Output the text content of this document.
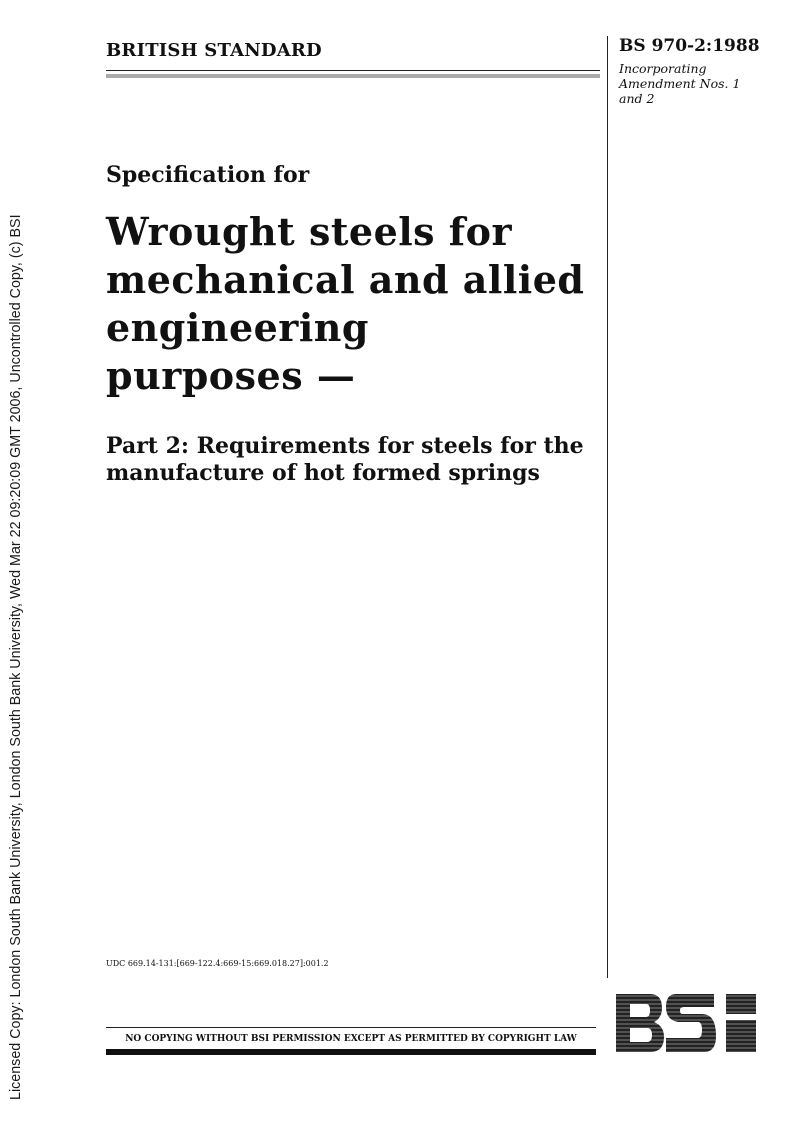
Licensed Copy: London South Bank University, London South Bank University, Wed Mar 22 09:20:09 GMT 2006, Uncontrolled Copy, (c) BSI
BRITISH STANDARD	BS 970-2:1988
Incorporating
Amendment Nos. 1
and 2
Specification for
Wrought steels for
mechanical and allied
engineering
purposes —
Part 2: Requirements for steels for the
manufacture of hot formed springs
UDC 669.14-131:[669-122.4:669-15:669.018.27]:001.2
NO COPYING WITHOUT BSI PERMISSION EXCEPT AS PERMITTED BY COPYRIGHT LAW
BSi
